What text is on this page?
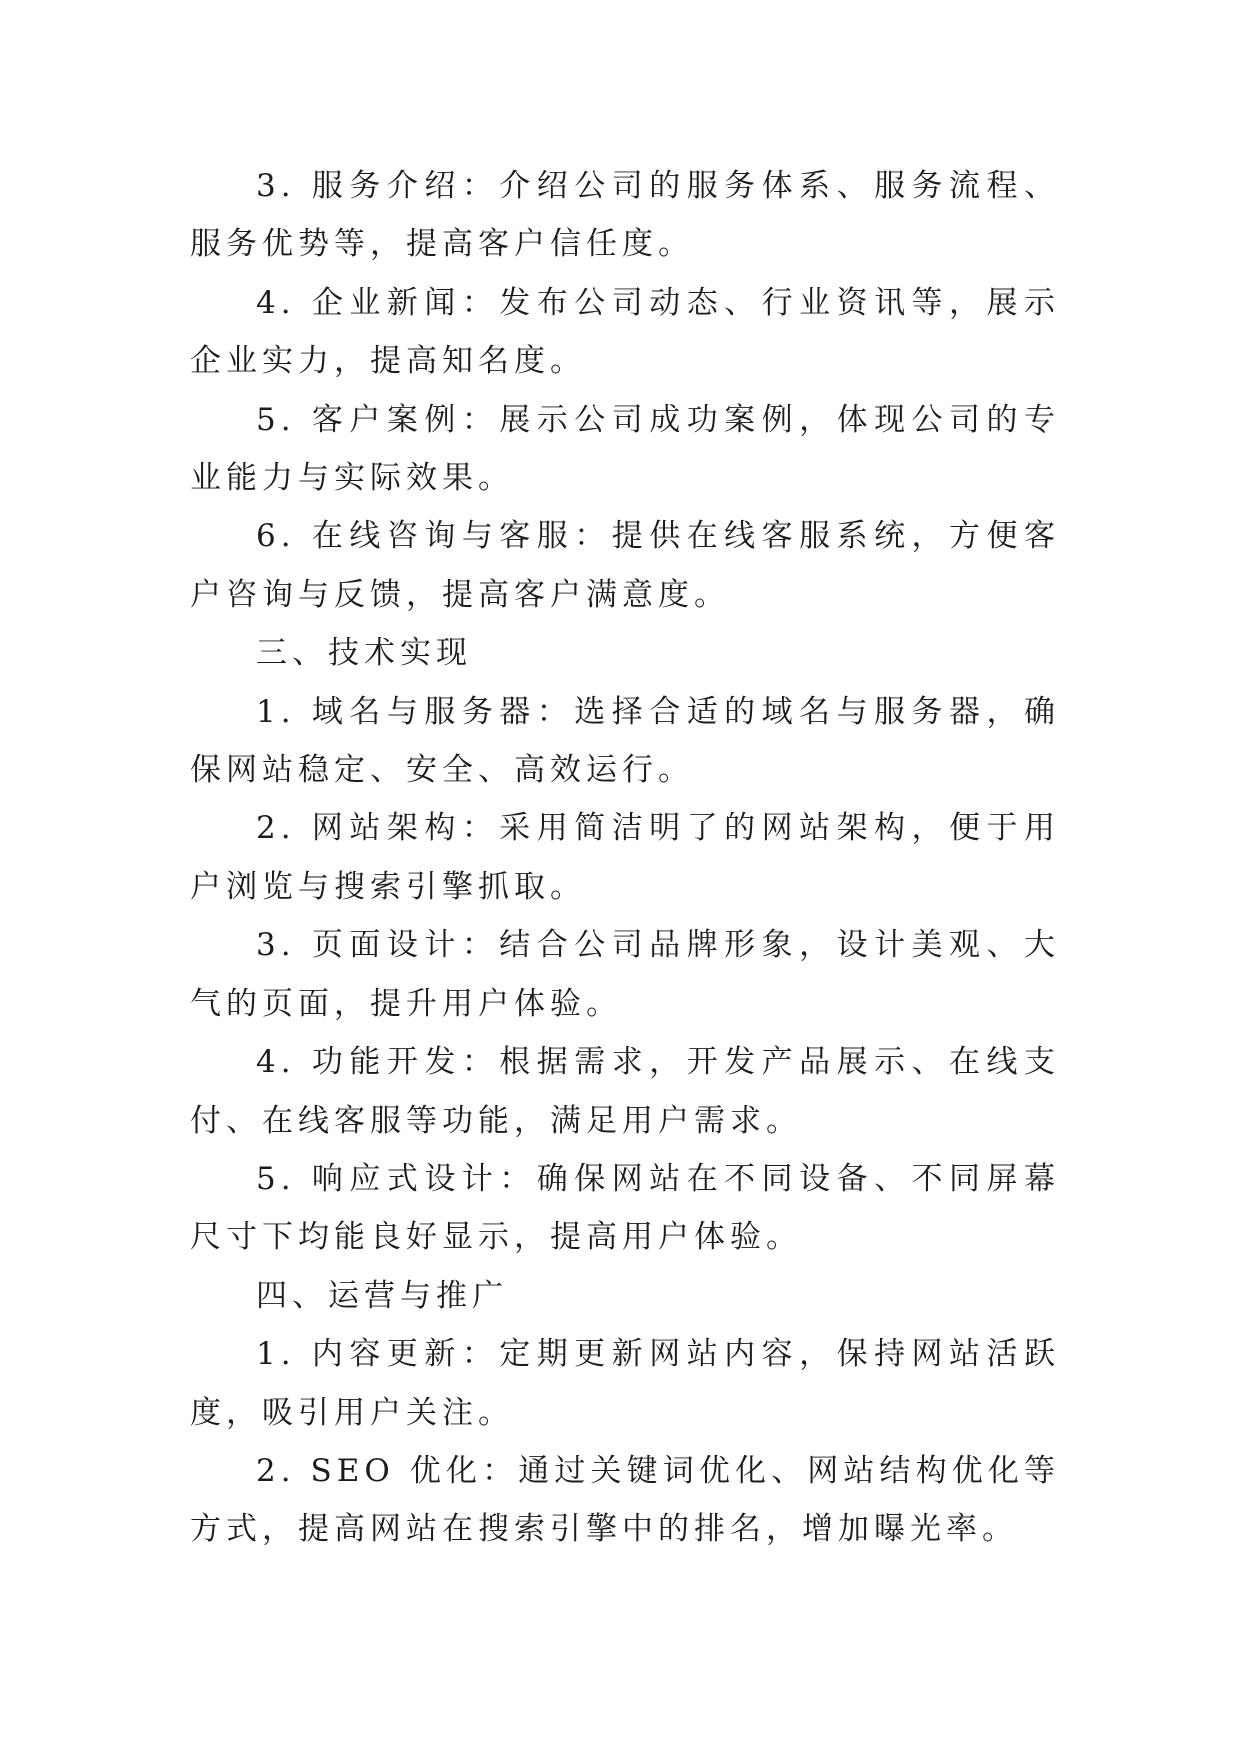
3. 服务介绍：介绍公司的服务体系、服务流程、服务优势等，提高客户信任度。

4. 企业新闻：发布公司动态、行业资讯等，展示企业实力，提高知名度。

5. 客户案例：展示公司成功案例，体现公司的专业能力与实际效果。

6. 在线咨询与客服：提供在线客服系统，方便客户咨询与反馈，提高客户满意度。

三、技术实现

1. 域名与服务器：选择合适的域名与服务器，确保网站稳定、安全、高效运行。

2. 网站架构：采用简洁明了的网站架构，便于用户浏览与搜索引擎抓取。

3. 页面设计：结合公司品牌形象，设计美观、大气的页面，提升用户体验。

4. 功能开发：根据需求，开发产品展示、在线支付、在线客服等功能，满足用户需求。

5. 响应式设计：确保网站在不同设备、不同屏幕尺寸下均能良好显示，提高用户体验。

四、运营与推广

1. 内容更新：定期更新网站内容，保持网站活跃度，吸引用户关注。

2. SEO 优化：通过关键词优化、网站结构优化等方式，提高网站在搜索引擎中的排名，增加曝光率。
